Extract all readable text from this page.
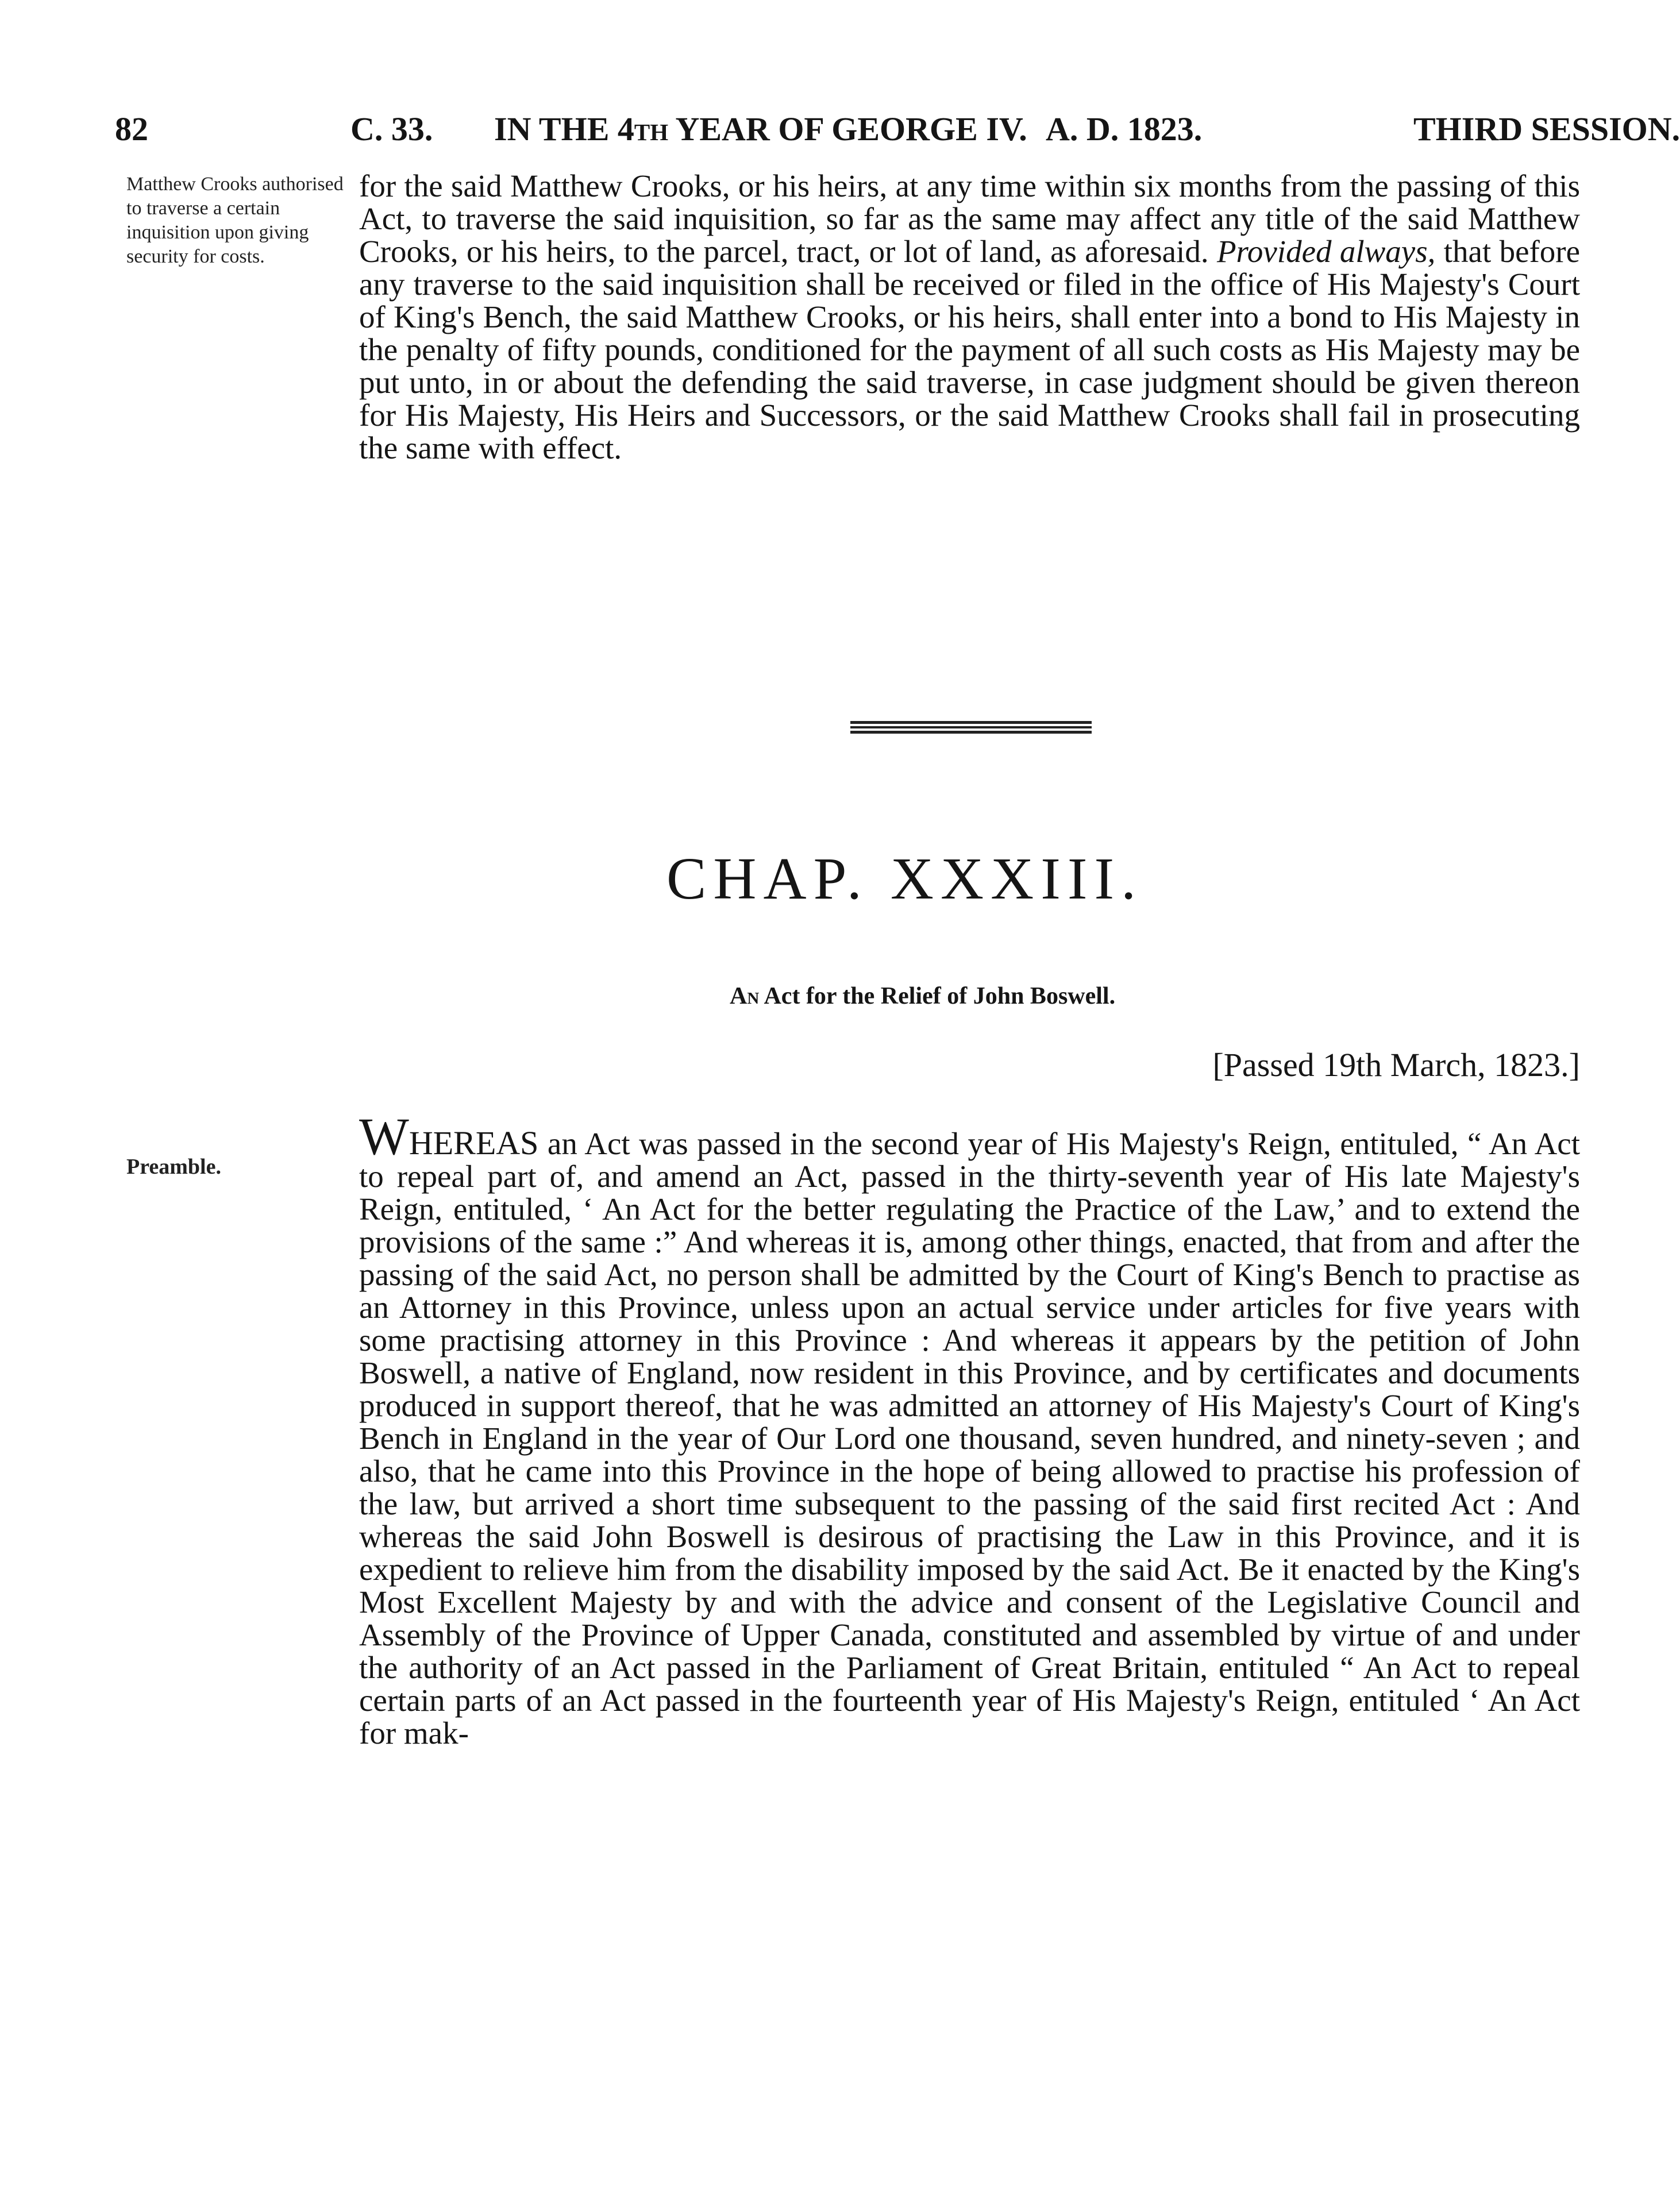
82	C. 33. IN THE 4th YEAR OF GEORGE IV. A. D. 1823.	THIRD SESSION.
Matthew Crooks authorised to traverse a certain inquisition upon giving security for costs.
for the said Matthew Crooks, or his heirs, at any time within six months from the passing of this Act, to traverse the said inquisition, so far as the same may affect any title of the said Matthew Crooks, or his heirs, to the parcel, tract, or lot of land, as aforesaid. Provided always, that before any traverse to the said inquisition shall be received or filed in the office of His Majesty's Court of King's Bench, the said Matthew Crooks, or his heirs, shall enter into a bond to His Majesty in the penalty of fifty pounds, conditioned for the payment of all such costs as His Majesty may be put unto, in or about the defending the said traverse, in case judgment should be given thereon for His Majesty, His Heirs and Successors, or the said Matthew Crooks shall fail in prosecuting the same with effect.
CHAP. XXXIII.
An Act for the Relief of John Boswell.
[Passed 19th March, 1823.]
Preamble.
WHEREAS an Act was passed in the second year of His Majesty's Reign, entituled, “ An Act to repeal part of, and amend an Act, passed in the thirty-seventh year of His late Majesty's Reign, entituled, ‘ An Act for the better regulating the Practice of the Law,’ and to extend the provisions of the same :” And whereas it is, among other things, enacted, that from and after the passing of the said Act, no person shall be admitted by the Court of King's Bench to practise as an Attorney in this Province, unless upon an actual service under articles for five years with some practising attorney in this Province : And whereas it appears by the petition of John Boswell, a native of England, now resident in this Province, and by certificates and documents produced in support thereof, that he was admitted an attorney of His Majesty's Court of King's Bench in England in the year of Our Lord one thousand, seven hundred, and ninety-seven ; and also, that he came into this Province in the hope of being allowed to practise his profession of the law, but arrived a short time subsequent to the passing of the said first recited Act : And whereas the said John Boswell is desirous of practising the Law in this Province, and it is expedient to relieve him from the disability imposed by the said Act. Be it enacted by the King's Most Excellent Majesty by and with the advice and consent of the Legislative Council and Assembly of the Province of Upper Canada, constituted and assembled by virtue of and under the authority of an Act passed in the Parliament of Great Britain, entituled “ An Act to repeal certain parts of an Act passed in the fourteenth year of His Majesty's Reign, entituled ‘ An Act for mak-
